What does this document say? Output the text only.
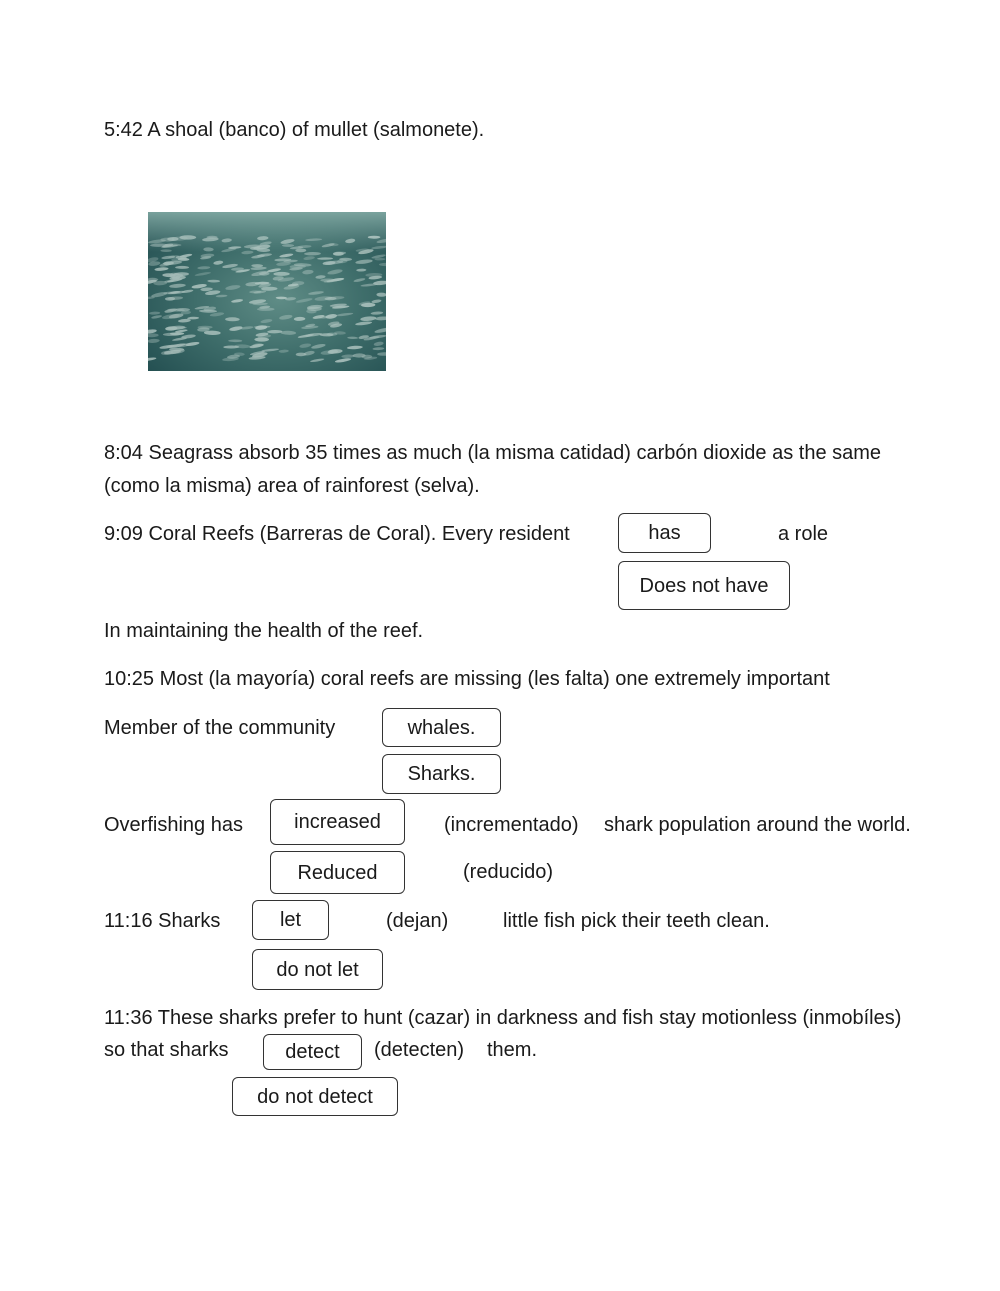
5:42 A shoal (banco) of mullet (salmonete).
8:04 Seagrass absorb 35 times as much (la misma catidad) carbón dioxide as the same
(como la misma) area of rainforest (selva).
9:09 Coral Reefs (Barreras de Coral). Every resident	has	a role
Does not have
In maintaining the health of the reef.
10:25 Most (la mayoría) coral reefs are missing (les falta) one extremely important
Member of the community	whales.
Sharks.
Overfishing has	increased	(incrementado) shark population around the world.
Reduced	(reducido)
11:16 Sharks	let	(dejan)	little fish pick their teeth clean.
do not let
11:36 These sharks prefer to hunt (cazar) in darkness and fish stay motionless (inmobíles)
so that sharks	detect	(detecten) them.
do not detect
